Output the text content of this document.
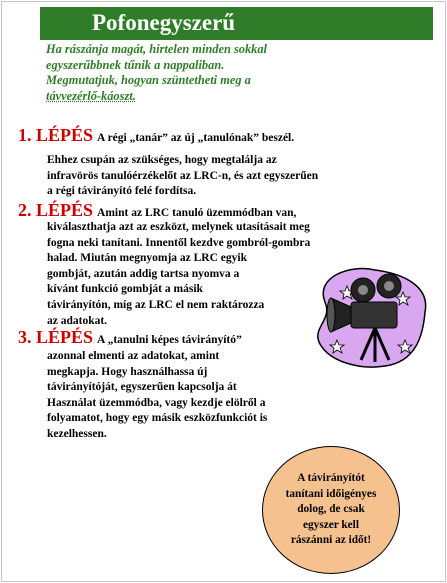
Pofonegyszerű
Ha rászánja magát, hirtelen minden sokkal
egyszerűbbnek tűnik a nappaliban.
Megmutatjuk, hogyan szüntetheti meg a
távvezérlő-káoszt.
1. LÉPÉS A régi „tanár” az új „tanulónak” beszél.
Ehhez csupán az szükséges, hogy megtalálja az
infravörös tanulóérzékelőt az LRC-n, és azt egyszerűen
a régi távirányító felé fordítsa.
2. LÉPÉS Amint az LRC tanuló üzemmódban van,
kiválaszthatja azt az eszközt, melynek utasításait meg
fogna neki tanítani. Innentől kezdve gombról-gombra
halad. Miután megnyomja az LRC egyik
gombját, azután addig tartsa nyomva a
kívánt funkció gombját a másik
távirányítón, míg az LRC el nem raktározza
az adatokat.
3. LÉPÉS A „tanulni képes távirányító”
azonnal elmenti az adatokat, amint
megkapja. Hogy használhassa új
távirányítóját, egyszerűen kapcsolja át
Használat üzemmódba, vagy kezdje elölről a
folyamatot, hogy egy másik eszközfunkciót is
kezelhessen.
A távirányítót
tanítani időigényes
dolog, de csak
egyszer kell
rászánni az időt!
